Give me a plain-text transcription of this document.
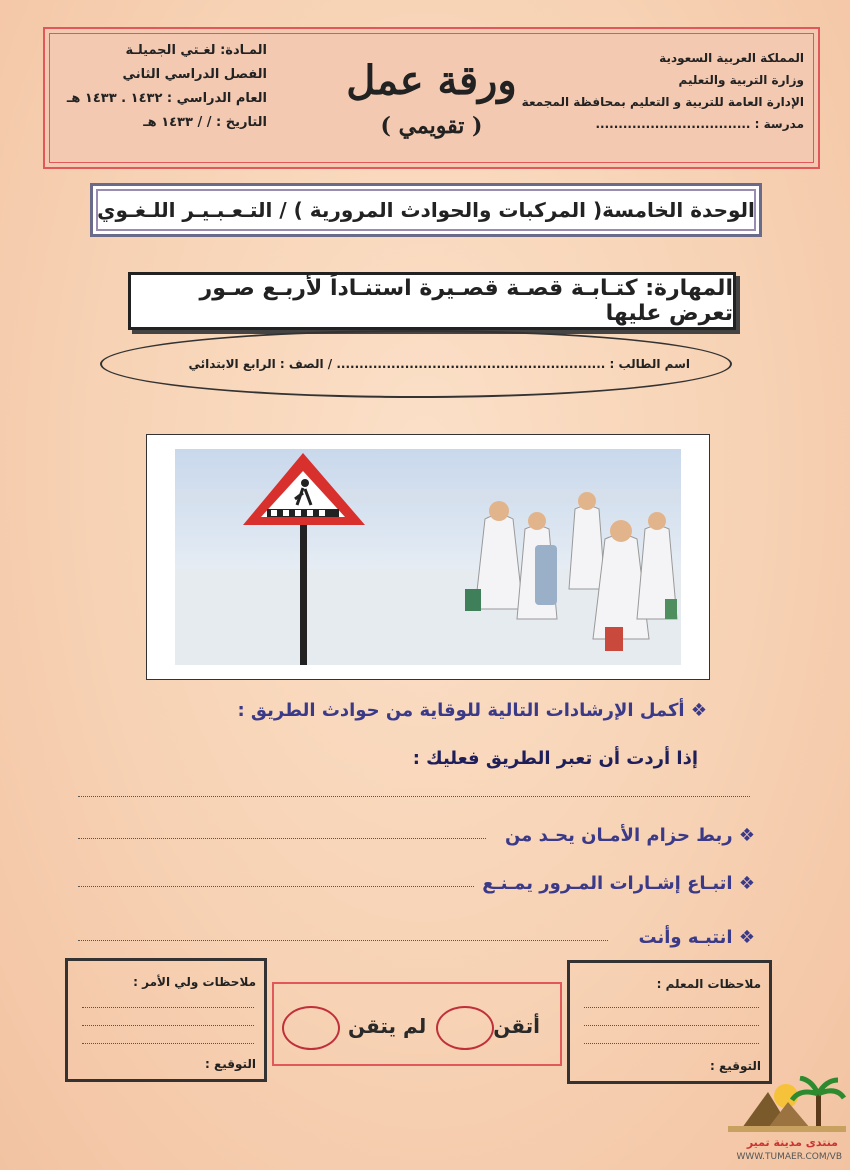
المملكة العربية السعودية
وزارة التربية والتعليم
الإدارة العامة للتربية و التعليم بمحافظة المجمعة
مدرسة : ..................................
ورقة عمل
( تقويمي )
المـادة: لغـتي الجميلـة
الفصل الدراسي الثاني
العام الدراسي : ١٤٣٢ . ١٤٣٣ هـ
التاريخ : / / ١٤٣٣ هـ
الوحدة الخامسة( المركبات والحوادث المرورية ) / التـعـبـيـر اللـغـوي
المهارة: كتـابـة قصـة قصـيرة استنـاداً لأربـع صـور تعرض عليها
اسم الطالب : ........................................................... / الصف : الرابع الابتدائي
❖ أكمل الإرشادات التالية للوقاية من حوادث الطريق :
إذا أردت أن تعبر الطريق فعليك :
❖ ربط حزام الأمـان يحـد من
❖ اتبـاع إشـارات المـرور يمـنـع
❖ انتبـه وأنت
ملاحظات ولي الأمر :
التوقيع :
أتقن
لم يتقن
ملاحظات المعلم :
التوقيع :
منتدى مدينة تمير
WWW.TUMAER.COM/VB
